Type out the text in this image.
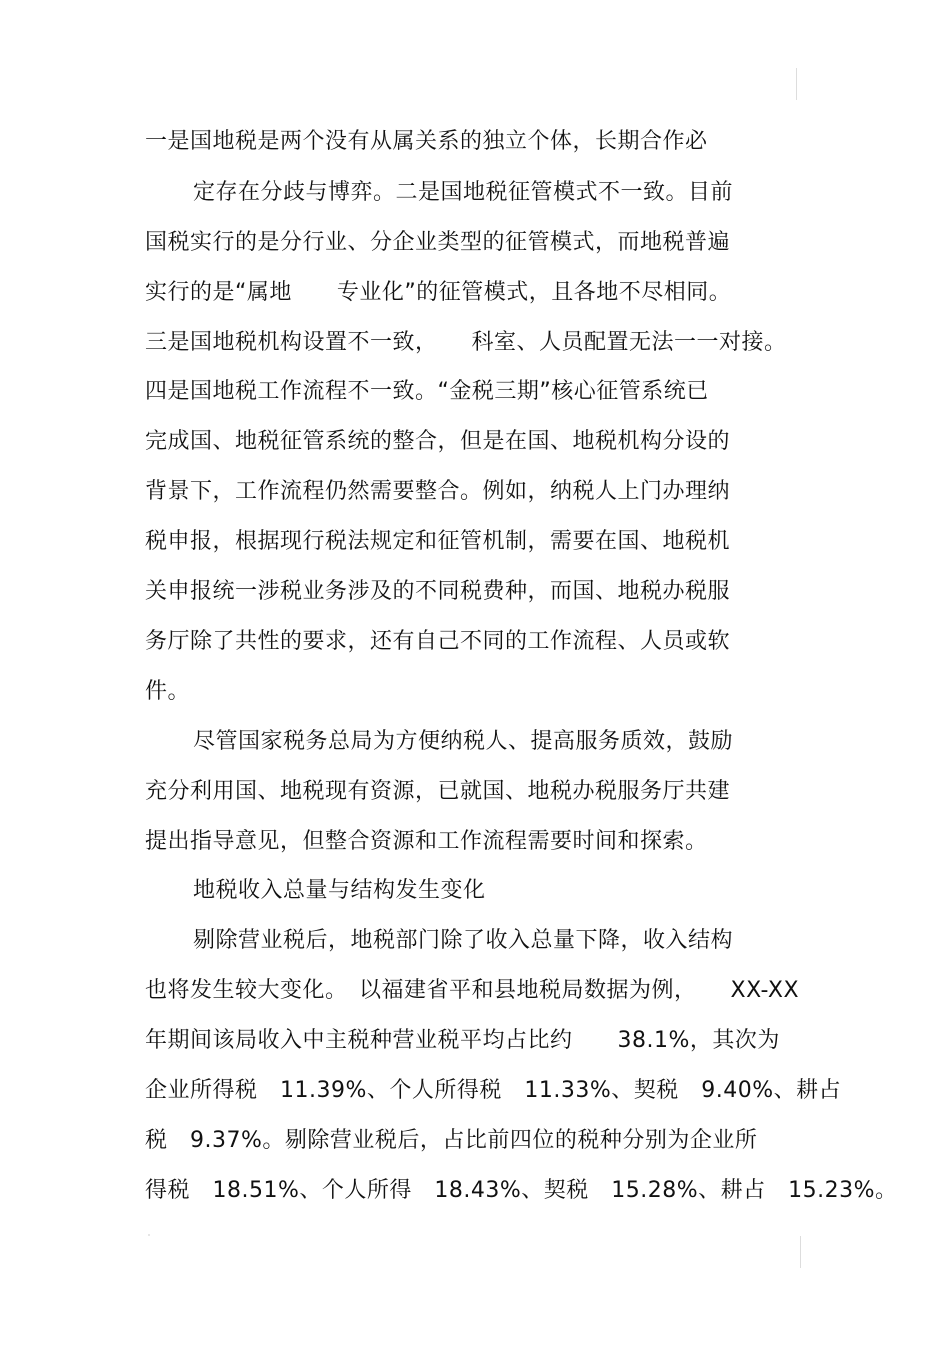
一是国地税是两个没有从属关系的独立个体，长期合作必
定存在分歧与博弈。二是国地税征管模式不一致。目前
国税实行的是分行业、分企业类型的征管模式，而地税普遍
实行的是“属地　　专业化”的征管模式，且各地不尽相同。
三是国地税机构设置不一致，　　科室、人员配置无法一一对接。
四是国地税工作流程不一致。“金税三期”核心征管系统已
完成国、地税征管系统的整合，但是在国、地税机构分设的
背景下，工作流程仍然需要整合。例如，纳税人上门办理纳
税申报，根据现行税法规定和征管机制，需要在国、地税机
关申报统一涉税业务涉及的不同税费种，而国、地税办税服
务厅除了共性的要求，还有自己不同的工作流程、人员或软
件。
尽管国家税务总局为方便纳税人、提高服务质效，鼓励
充分利用国、地税现有资源，已就国、地税办税服务厅共建
提出指导意见，但整合资源和工作流程需要时间和探索。
地税收入总量与结构发生变化
剔除营业税后，地税部门除了收入总量下降，收入结构
也将发生较大变化。　以福建省平和县地税局数据为例，　　XX-XX
年期间该局收入中主税种营业税平均占比约　　38.1%，其次为
企业所得税　11.39%、个人所得税　11.33%、契税　9.40%、耕占
税　9.37%。剔除营业税后，占比前四位的税种分别为企业所
得税　18.51%、个人所得　18.43%、契税　15.28%、耕占　15.23%。
